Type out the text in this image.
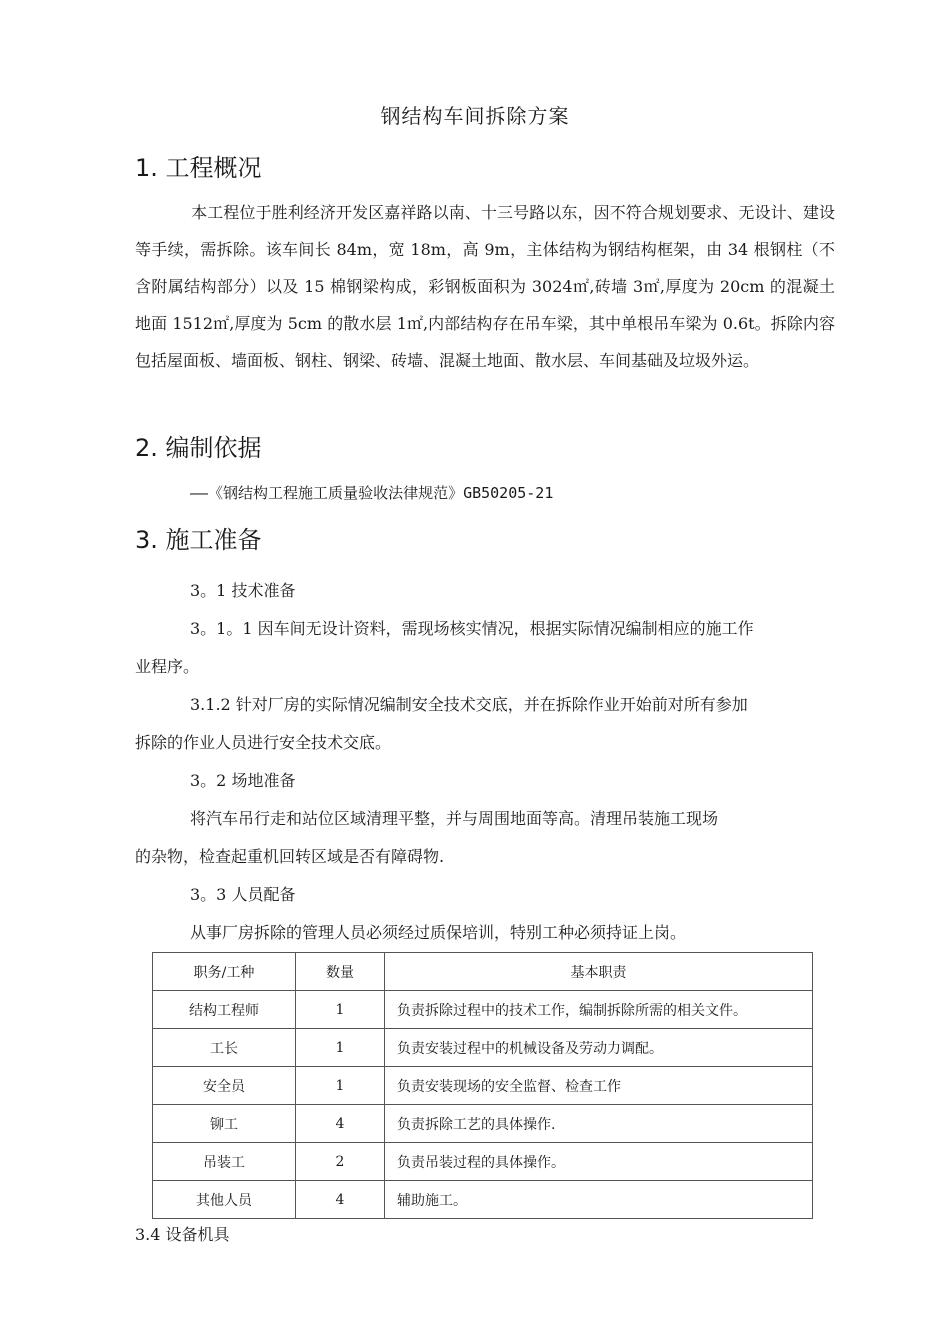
钢结构车间拆除方案
1. 工程概况
本工程位于胜利经济开发区嘉祥路以南、十三号路以东，因不符合规划要求、无设计、建设等手续，需拆除。该车间长 84m，宽 18m，高 9m，主体结构为钢结构框架，由 34 根钢柱（不含附属结构部分）以及 15 棉钢梁构成，彩钢板面积为 3024㎡,砖墙 3㎡,厚度为 20cm 的混凝土地面 1512㎡,厚度为 5cm 的散水层 1㎡,内部结构存在吊车梁，其中单根吊车梁为 0.6t。拆除内容包括屋面板、墙面板、钢柱、钢梁、砖墙、混凝土地面、散水层、车间基础及垃圾外运。
2. 编制依据
——《钢结构工程施工质量验收法律规范》GB50205-21
3. 施工准备
3。1 技术准备
3。1。1 因车间无设计资料，需现场核实情况，根据实际情况编制相应的施工作
业程序。
3.1.2 针对厂房的实际情况编制安全技术交底，并在拆除作业开始前对所有参加
拆除的作业人员进行安全技术交底。
3。2 场地准备
将汽车吊行走和站位区域清理平整，并与周围地面等高。清理吊装施工现场
的杂物，检查起重机回转区域是否有障碍物.
3。3 人员配备
从事厂房拆除的管理人员必须经过质保培训，特别工种必须持证上岗。
职务/工种	数量	基本职责
结构工程师	1	负责拆除过程中的技术工作，编制拆除所需的相关文件。
工长	1	负责安装过程中的机械设备及劳动力调配。
安全员	1	负责安装现场的安全监督、检查工作
铆工	4	负责拆除工艺的具体操作.
吊装工	2	负责吊装过程的具体操作。
其他人员	4	辅助施工。
3.4 设备机具
